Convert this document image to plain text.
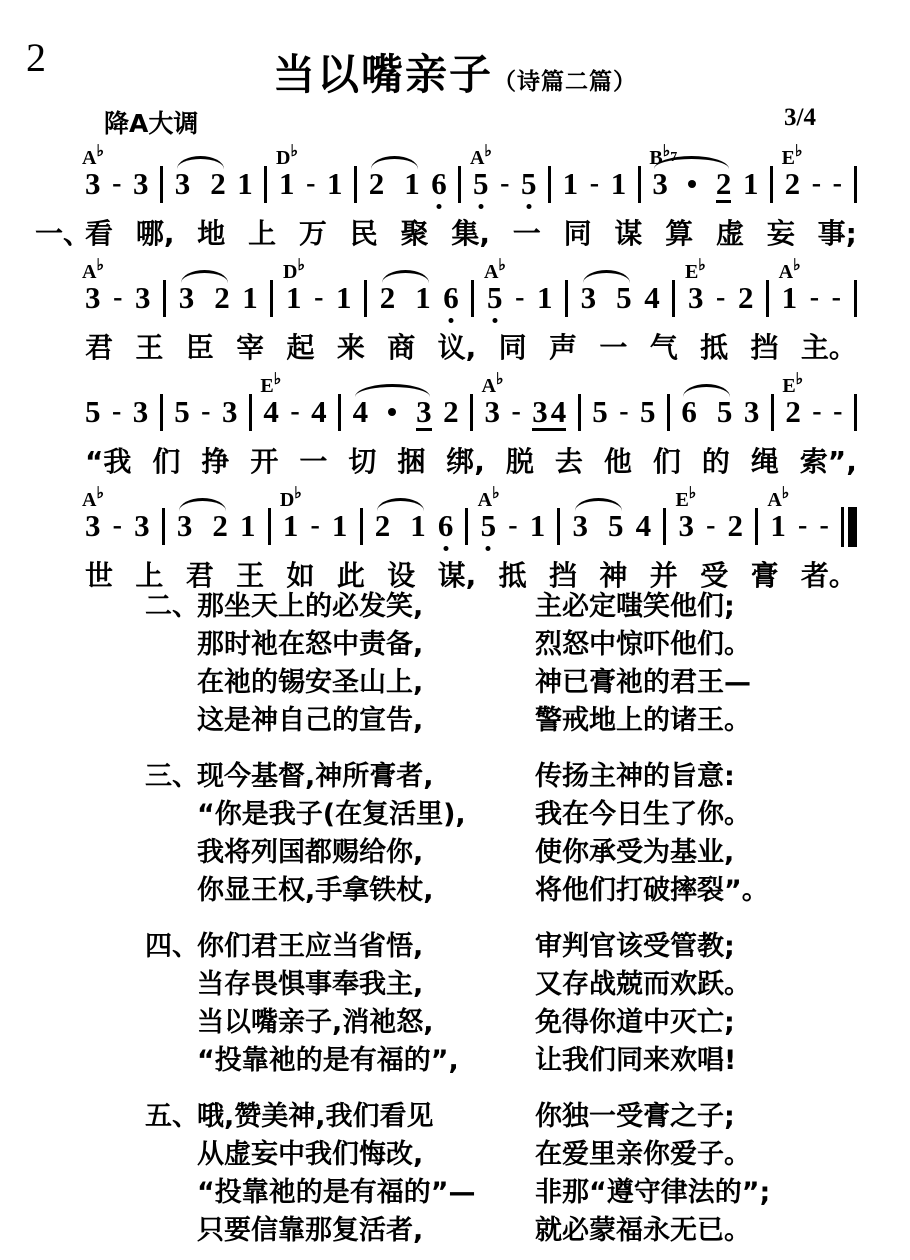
2	当以嘴亲子（诗篇二篇）
降A大调	3/4
A♭
3 - 3 3 2 1
D♭
1 - 1 2 1 6
A♭
5 - 5 1 - 1
B♭7
3 2 1
E♭
2 - -
一、
看 哪, 地 上 万 民 聚 集, 一 同 谋 算 虚 妄 事;
A♭
3 - 3 3 2 1
D♭
1 - 1 2 1 6
A♭
5 - 1 3 5 4
E♭
3 - 2
A♭
1 - -
君 王 臣 宰 起 来 商 议, 同 声 一 气 抵 挡 主。
5 - 3 5 - 3
E♭
4 - 4 4 3 2
A♭
3 - 3 4 5 - 5 6 5 3
E♭
2 - -
“我 们 挣 开 一 切 捆 绑, 脱 去 他 们 的 绳 索”,
A♭
3 - 3 3 2 1
D♭
1 - 1 2 1 6
A♭
5 - 1 3 5 4
E♭
3 - 2
A♭
1 - -
世 上 君 王 如 此 设 谋, 抵 挡 神 并 受 膏 者。
二、
那坐天上的必发笑,	主必定嗤笑他们;
那时祂在怒中责备,	烈怒中惊吓他们。
在祂的锡安圣山上,	神已膏祂的君王—
这是神自己的宣告,	警戒地上的诸王。
三、
现今基督,神所膏者,	传扬主神的旨意:
“你是我子(在复活里),	我在今日生了你。
我将列国都赐给你,	使你承受为基业,
你显王权,手拿铁杖,	将他们打破摔裂”。
四、
你们君王应当省悟,	审判官该受管教;
当存畏惧事奉我主,	又存战兢而欢跃。
当以嘴亲子,消祂怒,	免得你道中灭亡;
“投靠祂的是有福的”,	让我们同来欢唱!
五、
哦,赞美神,我们看见	你独一受膏之子;
从虚妄中我们悔改,	在爱里亲你爱子。
“投靠祂的是有福的”—	非那“遵守律法的”;
只要信靠那复活者,	就必蒙福永无已。
